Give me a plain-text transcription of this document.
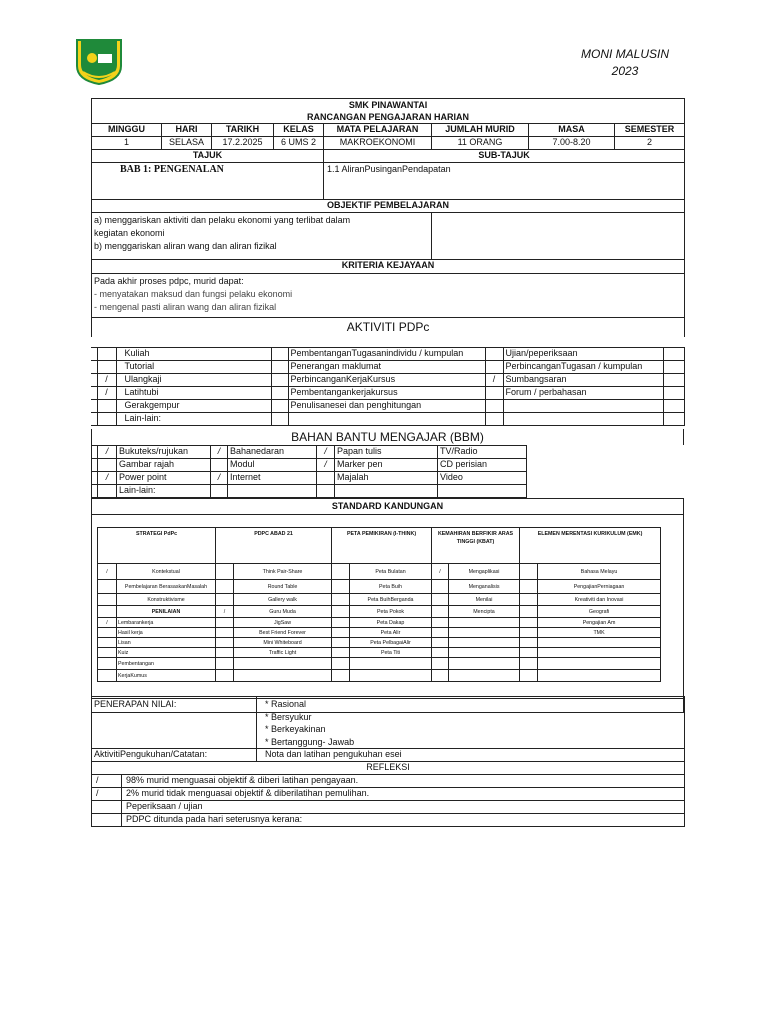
MONI MALUSIN
2023
SMK PINAWANTAI							
RANCANGAN PENGAJARAN HARIAN							
MINGGU	HARI	TARIKH	KELAS	MATA PELAJARAN	JUMLAH MURID	MASA	SEMESTER
1	SELASA	17.2.2025	6 UMS 2	MAKROEKONOMI	11 ORANG	7.00-8.20	2
TAJUK				SUB-TAJUK			
BAB 1: PENGENALAN				1.1 AliranPusinganPendapatan			
OBJEKTIF PEMBELAJARAN							

a) menggariskan aktiviti dan pelaku ekonomi yang terlibat dalam
kegiatan ekonomi
b) menggariskan aliran wang dan aliran fizikal							

KRITERIA KEJAYAAN							

Pada akhir proses pdpc, murid dapat:
- menyatakan maksud dan fungsi pelaku ekonomi
- mengenal pasti aliran wang dan aliran fizikal							

AKTIVITI PDPc							
		Kuliah		PembentanganTugasanindividu / kumpulan		Ujian/peperiksaan	
		Tutorial		Penerangan maklumat		PerbincanganTugasan / kumpulan	
	/	Ulangkaji		PerbincanganKerjaKursus	/	Sumbangsaran	
	/	Latihtubi		Pembentangankerjakursus		Forum / perbahasan	
		Gerakgempur		Penulisanesei dan penghitungan			
		Lain-lain:					
BAHAN BANTU MENGAJAR (BBM)
	/	Bukuteks/rujukan	/	Bahanedaran	/	Papan tulis	TV/Radio	
		Gambar rajah		Modul	/	Marker pen	CD perisian	
	/	Power point	/	Internet		Majalah	Video	
		Lain-lain:						
STANDARD KANDUNGAN

STRATEGI PdPc	PDPC ABAD 21	PETA PEMIKIRAN (I-THINK)	KEMAHIRAN BERFIKIR ARAS TINGGI (KBAT)	ELEMEN MERENTASI KURIKULUM (EMK)
/	Kontekstual		Think Pair-Share		Peta Bulatan	/	Mengaplikasi		Bahasa Melayu
	Pembelajaran BerasaskanMasalah		Round Table		Peta Buih		Menganalisis		PengajianPerniagaan
	Konstruktivisme		Gallery walk		Peta BuihBerganda		Menilai		Kreativiti dan Inovasi
	PENILAIAN	/	Guru Muda		Peta Pokok		Mencipta		Geografi
/	Lembarankerja		JigSaw		Peta Dakap				Pengajian Am
	Hasil kerja		Best Friend Forever		Peta Alir				TMK
	Lisan		Mini Whiteboard		Peta PelbagaiAlir				
	Kuiz		Traffic Light		Peta Titi				
	Pembentangan								
	KerjaKumus								

PENERAPAN NILAI:		* Rasional
* Bersyukur
* Berkeyakinan
* Bertanggung- Jawab

AktivitiPengukuhan/Catatan:		Nota dan latihan pengukuhan esei
REFLEKSI		
/	98% murid menguasai objektif & diberi latihan pengayaan.	
/	2% murid tidak menguasai objektif & diberilatihan pemulihan.	
	Peperiksaan / ujian	
	PDPC ditunda pada hari seterusnya kerana:	
